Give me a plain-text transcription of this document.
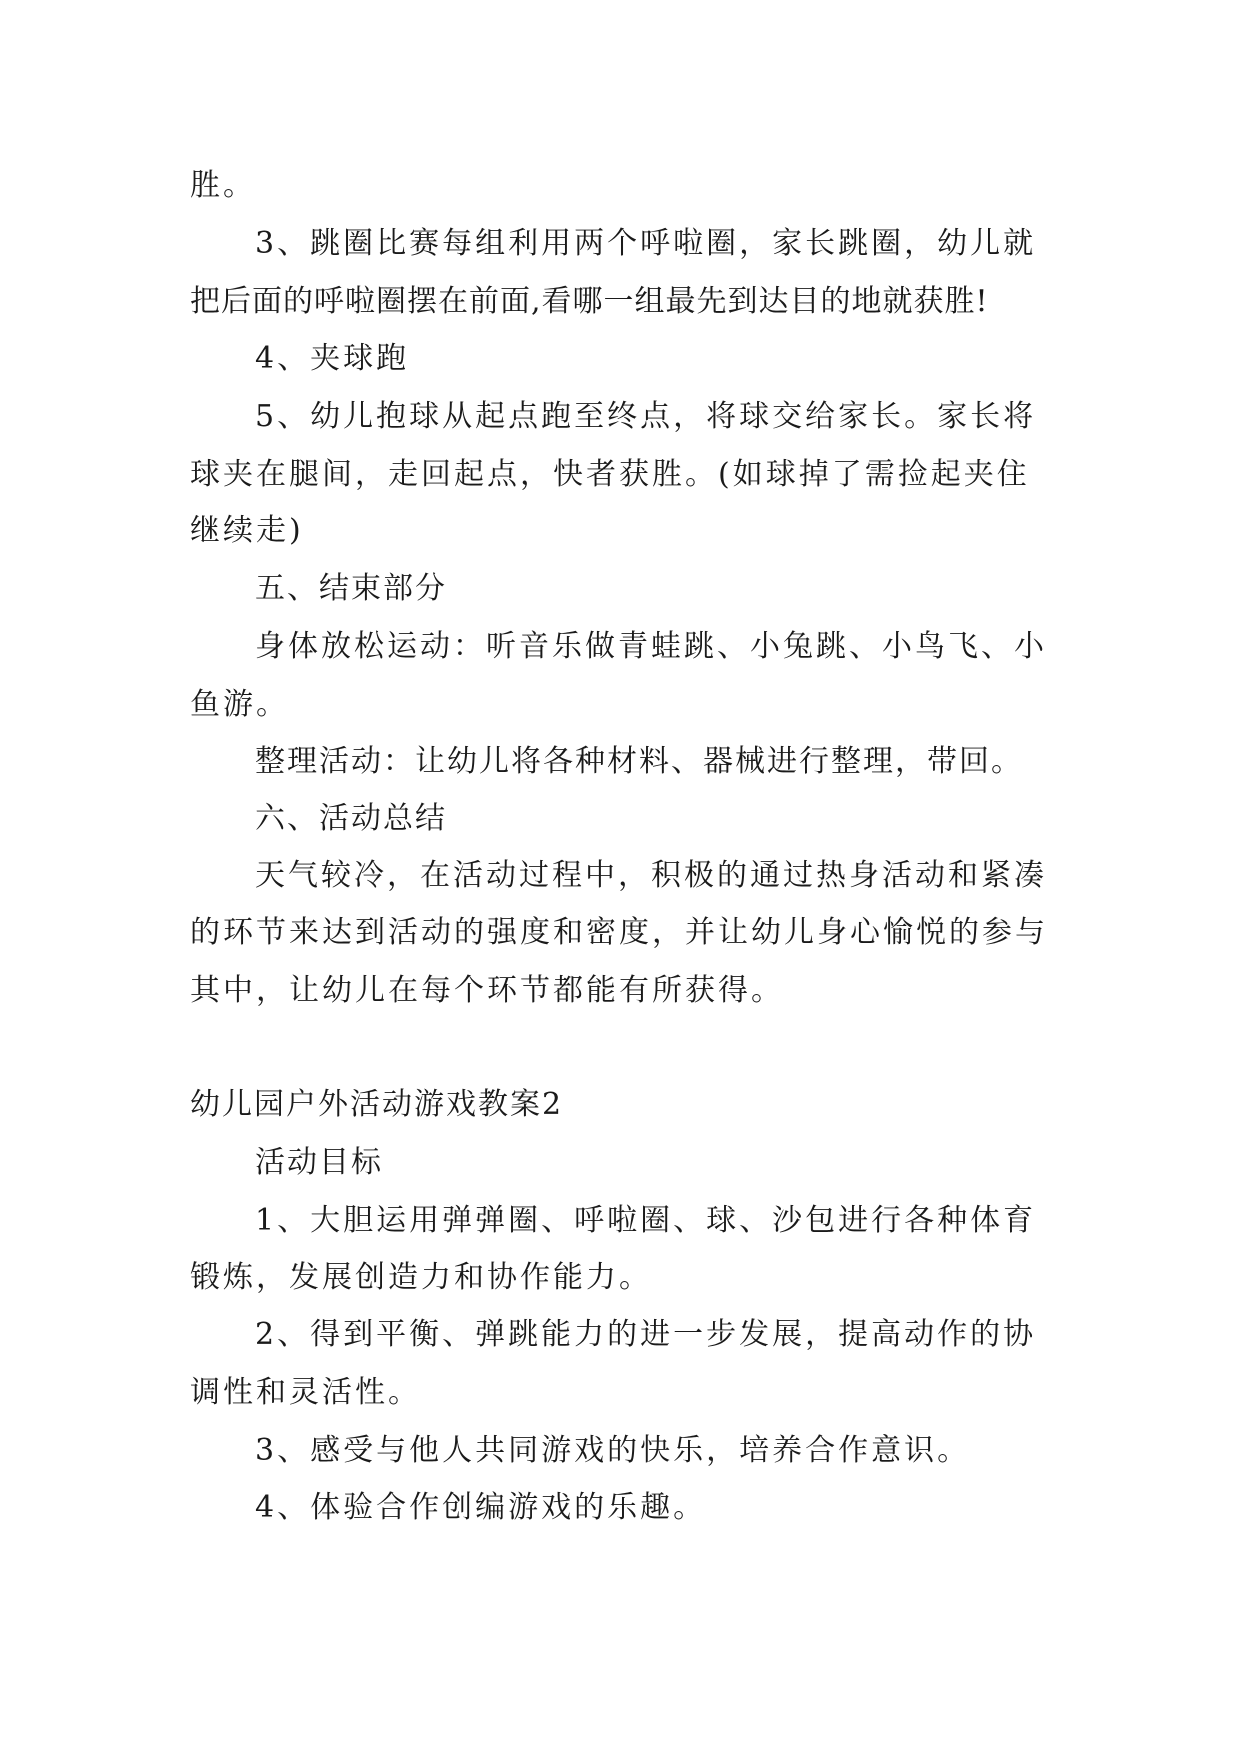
胜。
3、跳圈比赛每组利用两个呼啦圈，家长跳圈，幼儿就
把后面的呼啦圈摆在前面,看哪一组最先到达目的地就获胜!
4、夹球跑
5、幼儿抱球从起点跑至终点，将球交给家长。家长将
球夹在腿间，走回起点，快者获胜。(如球掉了需捡起夹住
继续走)
五、结束部分
身体放松运动：听音乐做青蛙跳、小兔跳、小鸟飞、小
鱼游。
整理活动：让幼儿将各种材料、器械进行整理，带回。
六、活动总结
天气较冷，在活动过程中，积极的通过热身活动和紧凑
的环节来达到活动的强度和密度，并让幼儿身心愉悦的参与
其中，让幼儿在每个环节都能有所获得。
幼儿园户外活动游戏教案2
活动目标
1、大胆运用弹弹圈、呼啦圈、球、沙包进行各种体育
锻炼，发展创造力和协作能力。
2、得到平衡、弹跳能力的进一步发展，提高动作的协
调性和灵活性。
3、感受与他人共同游戏的快乐，培养合作意识。
4、体验合作创编游戏的乐趣。
